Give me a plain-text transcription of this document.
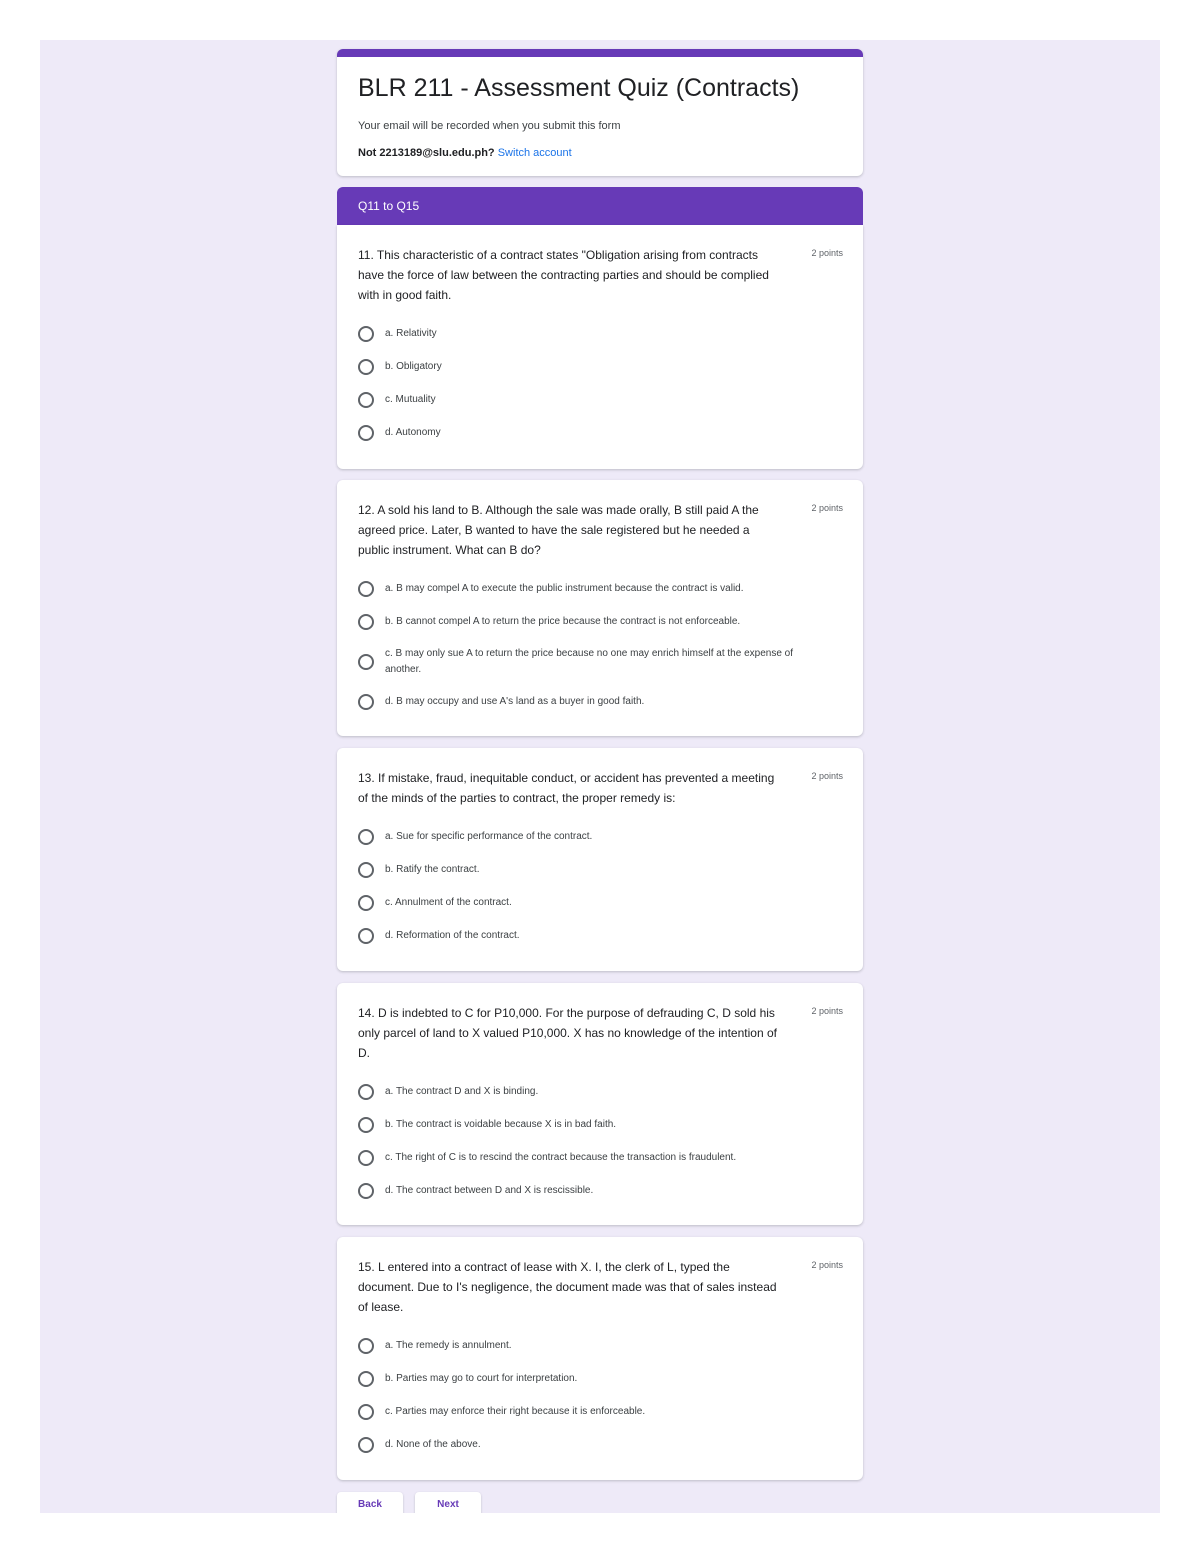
BLR 211 - Assessment Quiz (Contracts)
Your email will be recorded when you submit this form
Not 2213189@slu.edu.ph? Switch account
Q11 to Q15
11. This characteristic of a contract states "Obligation arising from contracts have the force of law between the contracting parties and should be complied with in good faith.
2 points
a. Relativity
b. Obligatory
c. Mutuality
d. Autonomy
12. A sold his land to B. Although the sale was made orally, B still paid A the agreed price. Later, B wanted to have the sale registered but he needed a public instrument. What can B do?
2 points
a. B may compel A to execute the public instrument because the contract is valid.
b. B cannot compel A to return the price because the contract is not enforceable.
c. B may only sue A to return the price because no one may enrich himself at the expense of another.
d. B may occupy and use A's land as a buyer in good faith.
13. If mistake, fraud, inequitable conduct, or accident has prevented a meeting of the minds of the parties to contract, the proper remedy is:
2 points
a. Sue for specific performance of the contract.
b. Ratify the contract.
c. Annulment of the contract.
d. Reformation of the contract.
14. D is indebted to C for P10,000. For the purpose of defrauding C, D sold his only parcel of land to X valued P10,000. X has no knowledge of the intention of D.
2 points
a. The contract D and X is binding.
b. The contract is voidable because X is in bad faith.
c. The right of C is to rescind the contract because the transaction is fraudulent.
d. The contract between D and X is rescissible.
15. L entered into a contract of lease with X. I, the clerk of L, typed the document. Due to I's negligence, the document made was that of sales instead of lease.
2 points
a. The remedy is annulment.
b. Parties may go to court for interpretation.
c. Parties may enforce their right because it is enforceable.
d. None of the above.
Back	Next
